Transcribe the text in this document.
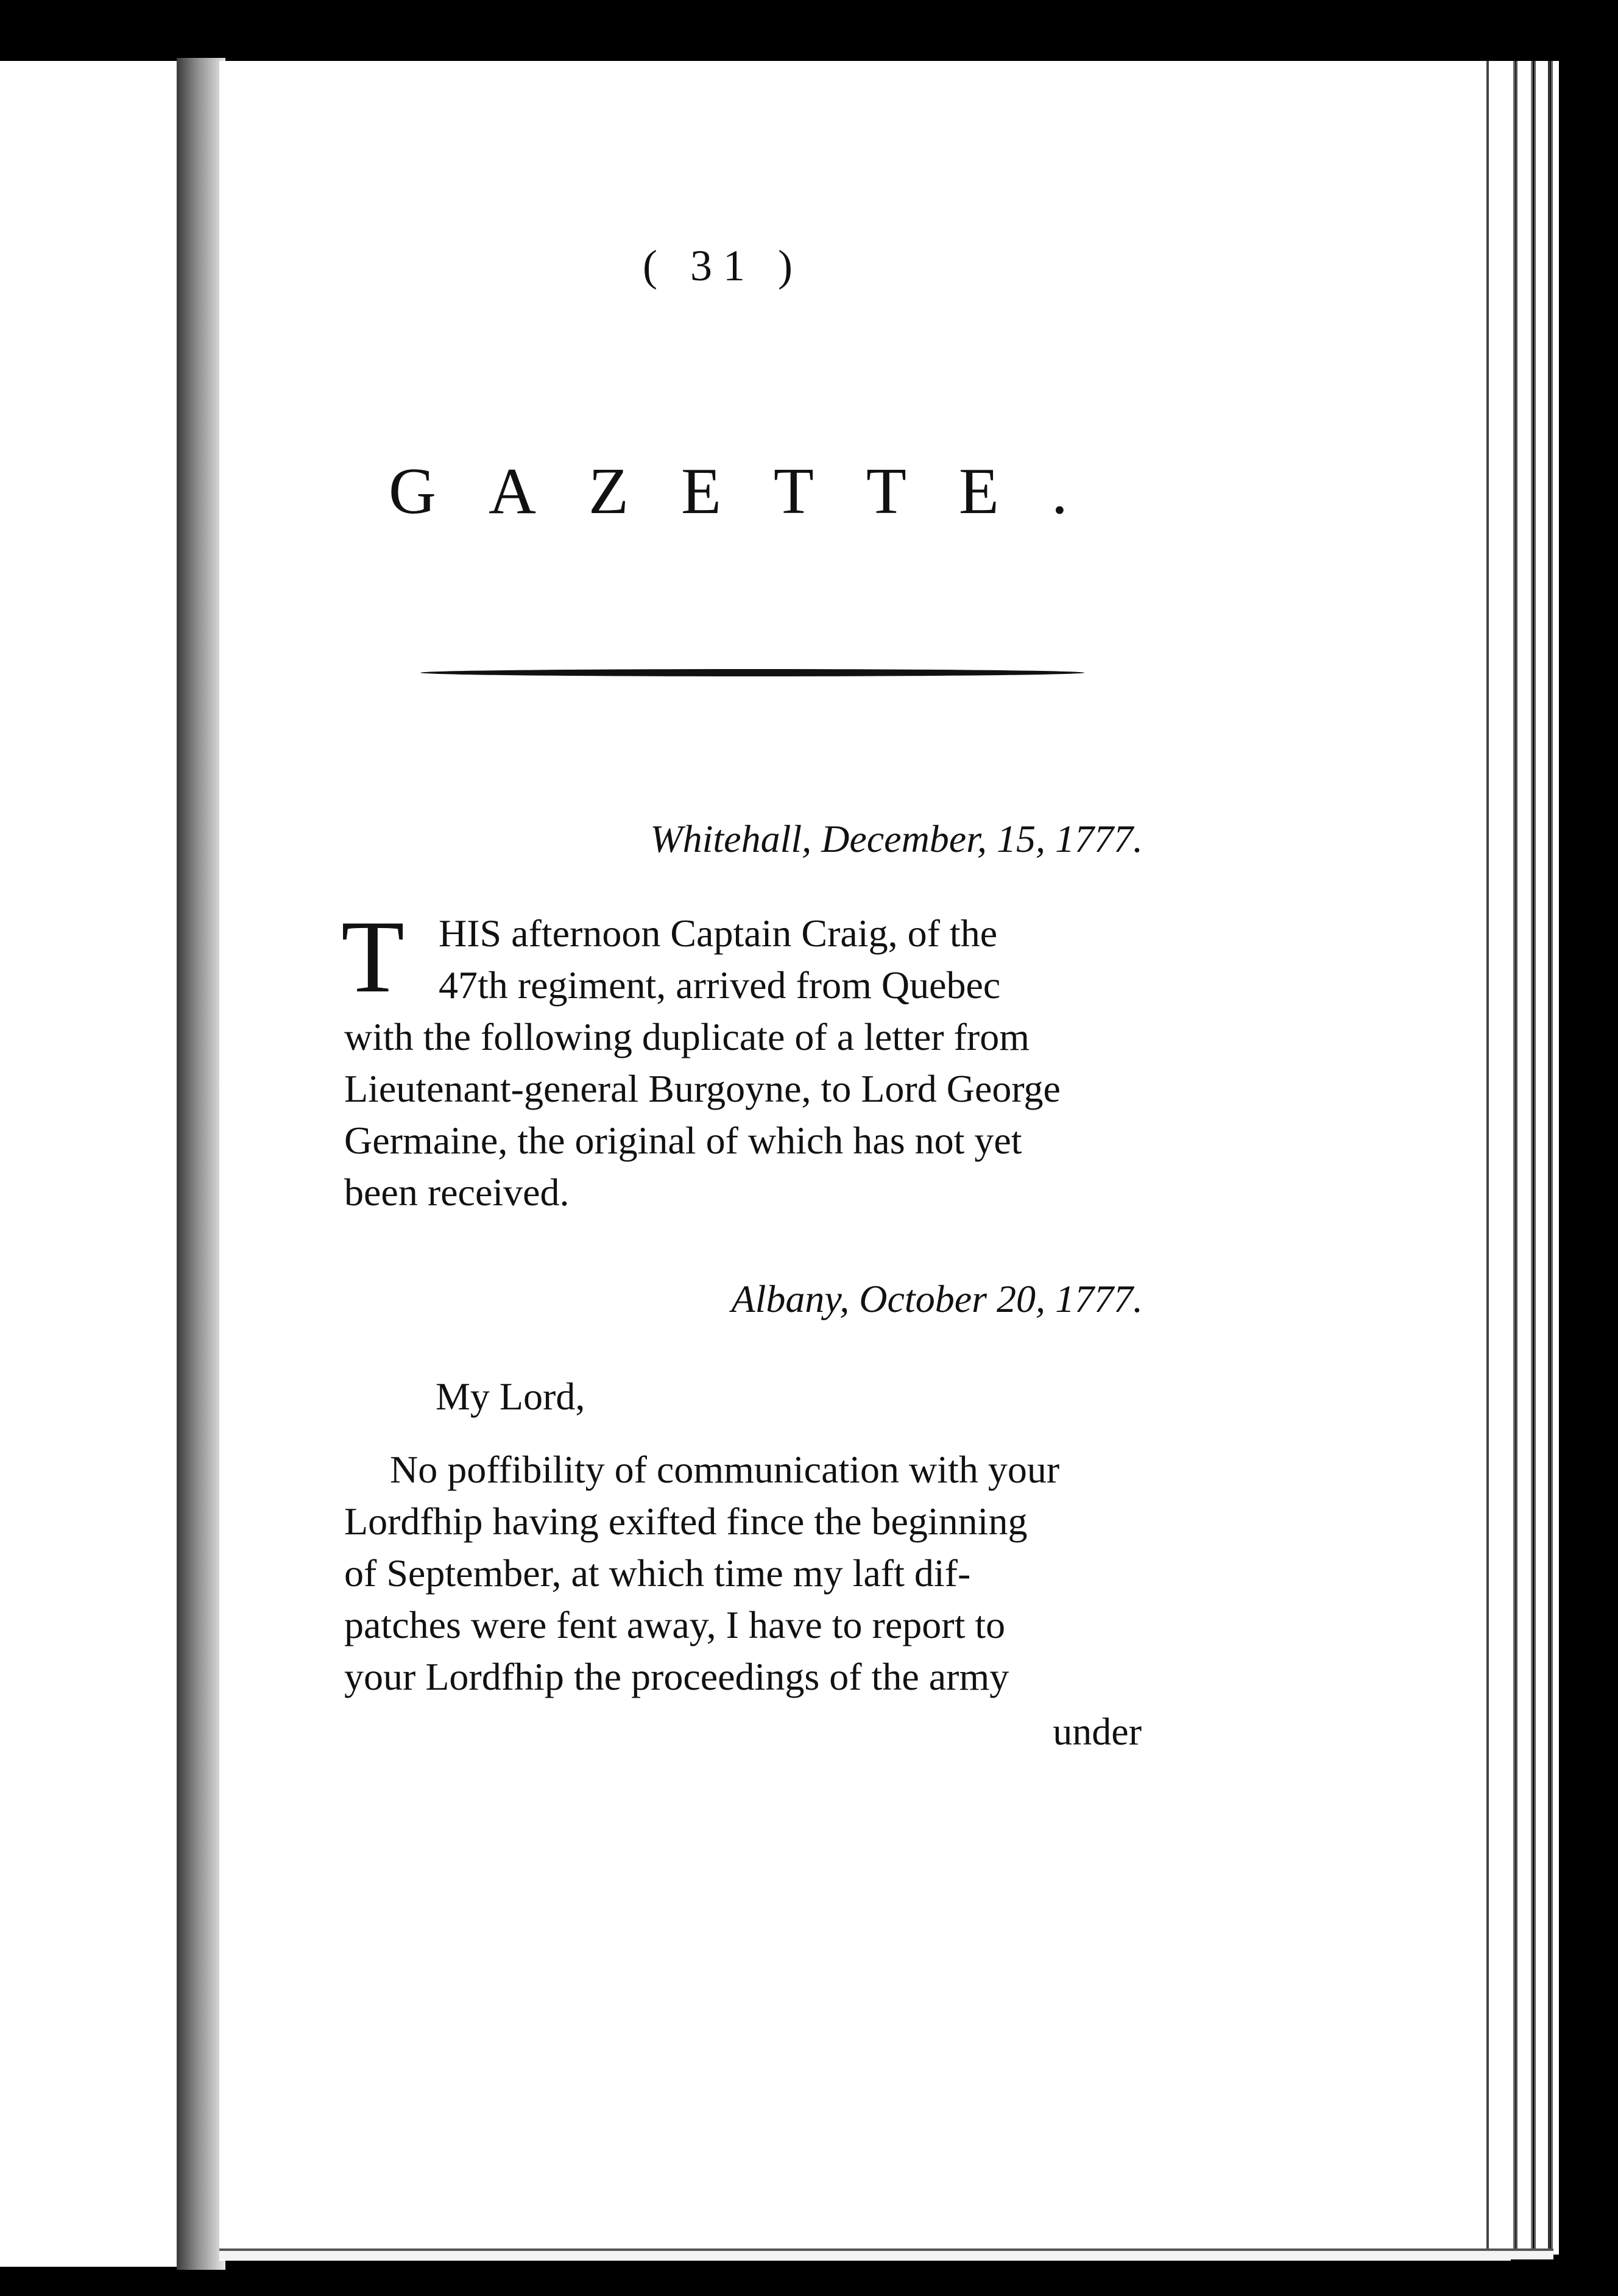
( 31 )
GAZETTE.
Whitehall, December, 15, 1777.
T HIS afternoon Captain Craig, of the
47th regiment, arrived from Quebec
with the following duplicate of a letter from
Lieutenant-general Burgoyne, to Lord George
Germaine, the original of which has not yet
been received.
Albany, October 20, 1777.
My Lord,
No poffibility of communication with your
Lordfhip having exifted fince the beginning
of September, at which time my laft dif-
patches were fent away, I have to report to
your Lordfhip the proceedings of the army
under
